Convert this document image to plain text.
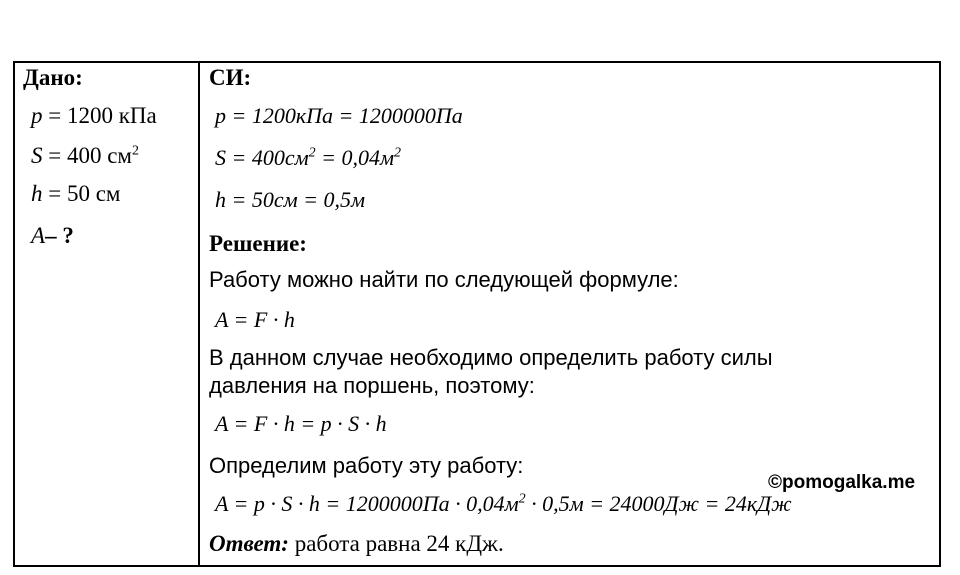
Дано:
p = 1200 кПа
S = 400 $см^2$
h = 50 см
A– ?
СИ:
p = 1200кПа = 1200000Па
$S = 400см^2 = 0,04м^2$
h = 50см = 0,5м
Решение:
Работу можно найти по следующей формуле:
A = F · h
В данном случае необходимо определить работу силы
давления на поршень, поэтому:
A = F · h = p · S · h
Определим работу эту работу:
$A = p \cdot S \cdot h = 1200000Па \cdot 0,04м^2 \cdot 0,5м = 24000Дж = 24кДж$
Ответ: работа равна 24 кДж.
©pomogalka.me
